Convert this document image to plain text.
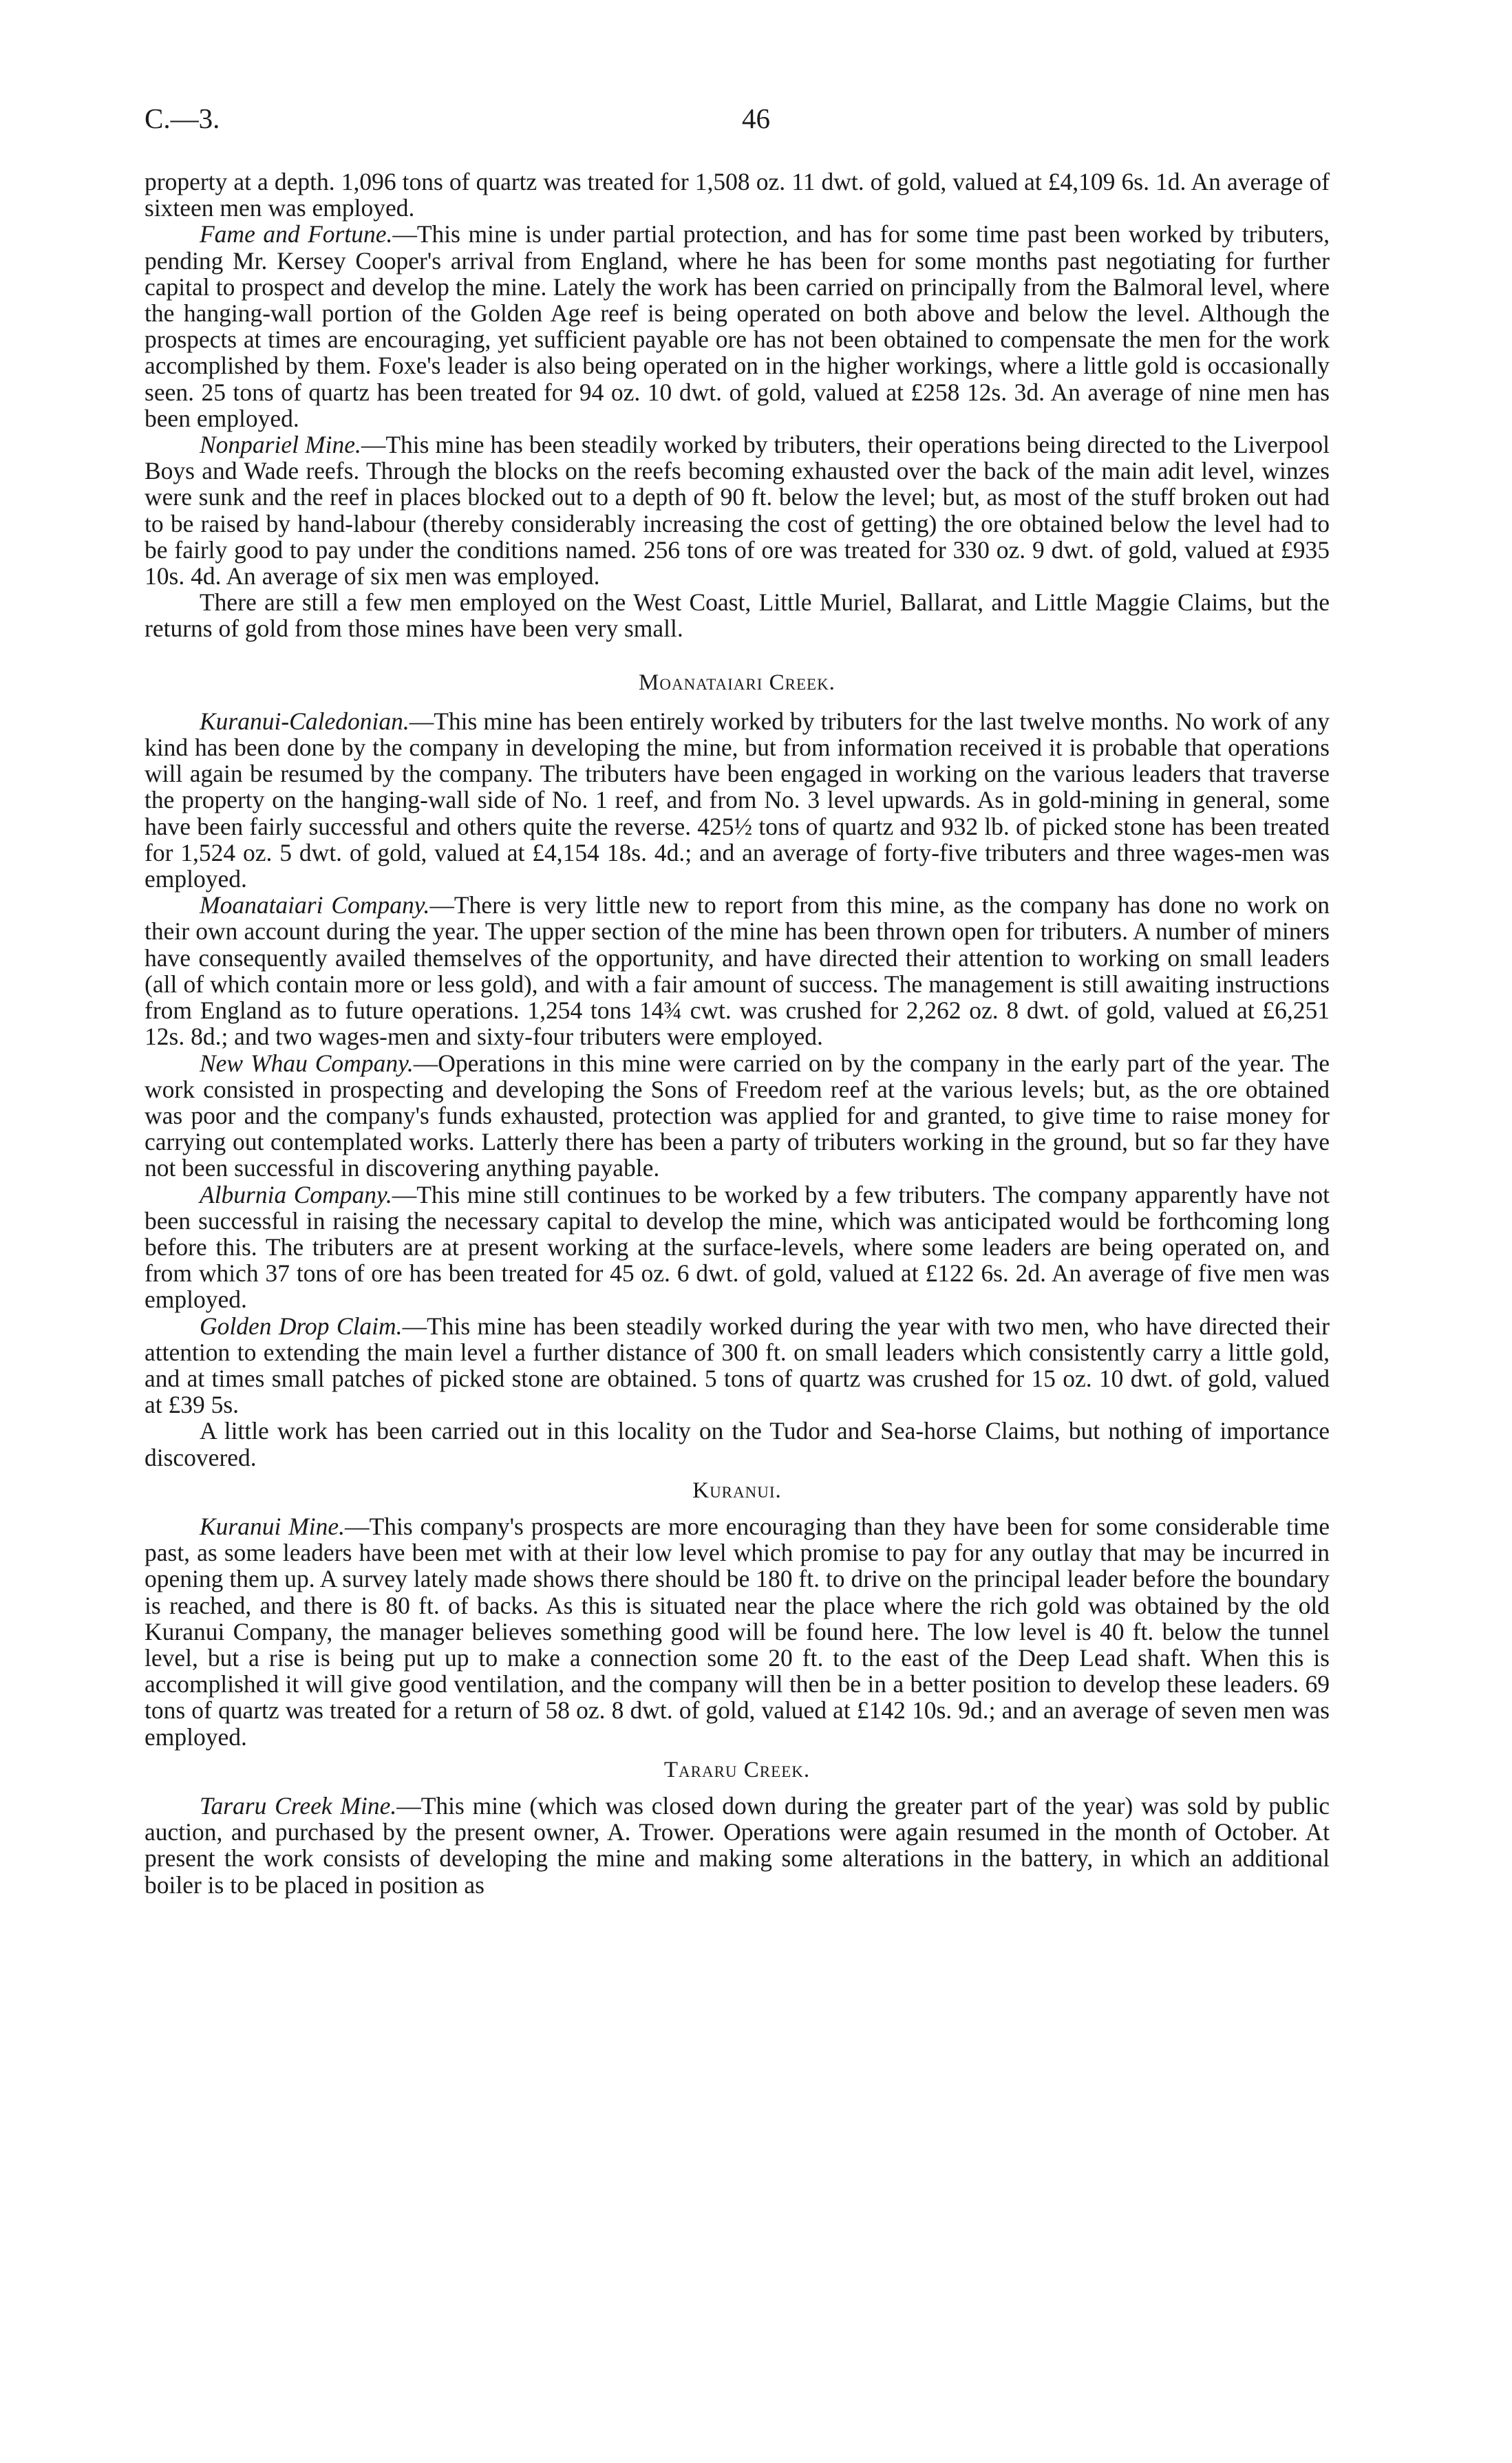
C.—3.	46

property at a depth. 1,096 tons of quartz was treated for 1,508 oz. 11 dwt. of gold, valued at £4,109 6s. 1d. An average of sixteen men was employed.

Fame and Fortune.—This mine is under partial protection, and has for some time past been worked by tributers, pending Mr. Kersey Cooper's arrival from England, where he has been for some months past negotiating for further capital to prospect and develop the mine. Lately the work has been carried on principally from the Balmoral level, where the hanging-wall portion of the Golden Age reef is being operated on both above and below the level. Although the prospects at times are encouraging, yet sufficient payable ore has not been obtained to compensate the men for the work accomplished by them. Foxe's leader is also being operated on in the higher workings, where a little gold is occasionally seen. 25 tons of quartz has been treated for 94 oz. 10 dwt. of gold, valued at £258 12s. 3d. An average of nine men has been employed.

Nonpariel Mine.—This mine has been steadily worked by tributers, their operations being directed to the Liverpool Boys and Wade reefs. Through the blocks on the reefs becoming exhausted over the back of the main adit level, winzes were sunk and the reef in places blocked out to a depth of 90 ft. below the level; but, as most of the stuff broken out had to be raised by hand-labour (thereby considerably increasing the cost of getting) the ore obtained below the level had to be fairly good to pay under the conditions named. 256 tons of ore was treated for 330 oz. 9 dwt. of gold, valued at £935 10s. 4d. An average of six men was employed.

There are still a few men employed on the West Coast, Little Muriel, Ballarat, and Little Maggie Claims, but the returns of gold from those mines have been very small.

Moanataiari Creek.

Kuranui-Caledonian.—This mine has been entirely worked by tributers for the last twelve months. No work of any kind has been done by the company in developing the mine, but from information received it is probable that operations will again be resumed by the company. The tributers have been engaged in working on the various leaders that traverse the property on the hanging-wall side of No. 1 reef, and from No. 3 level upwards. As in gold-mining in general, some have been fairly successful and others quite the reverse. 425½ tons of quartz and 932 lb. of picked stone has been treated for 1,524 oz. 5 dwt. of gold, valued at £4,154 18s. 4d.; and an average of forty-five tributers and three wages-men was employed.

Moanataiari Company.—There is very little new to report from this mine, as the company has done no work on their own account during the year. The upper section of the mine has been thrown open for tributers. A number of miners have consequently availed themselves of the opportunity, and have directed their attention to working on small leaders (all of which contain more or less gold), and with a fair amount of success. The management is still awaiting instructions from England as to future operations. 1,254 tons 14¾ cwt. was crushed for 2,262 oz. 8 dwt. of gold, valued at £6,251 12s. 8d.; and two wages-men and sixty-four tributers were employed.

New Whau Company.—Operations in this mine were carried on by the company in the early part of the year. The work consisted in prospecting and developing the Sons of Freedom reef at the various levels; but, as the ore obtained was poor and the company's funds exhausted, protection was applied for and granted, to give time to raise money for carrying out contemplated works. Latterly there has been a party of tributers working in the ground, but so far they have not been successful in discovering anything payable.

Alburnia Company.—This mine still continues to be worked by a few tributers. The company apparently have not been successful in raising the necessary capital to develop the mine, which was anticipated would be forthcoming long before this. The tributers are at present working at the surface-levels, where some leaders are being operated on, and from which 37 tons of ore has been treated for 45 oz. 6 dwt. of gold, valued at £122 6s. 2d. An average of five men was employed.

Golden Drop Claim.—This mine has been steadily worked during the year with two men, who have directed their attention to extending the main level a further distance of 300 ft. on small leaders which consistently carry a little gold, and at times small patches of picked stone are obtained. 5 tons of quartz was crushed for 15 oz. 10 dwt. of gold, valued at £39 5s.

A little work has been carried out in this locality on the Tudor and Sea-horse Claims, but nothing of importance discovered.

Kuranui.

Kuranui Mine.—This company's prospects are more encouraging than they have been for some considerable time past, as some leaders have been met with at their low level which promise to pay for any outlay that may be incurred in opening them up. A survey lately made shows there should be 180 ft. to drive on the principal leader before the boundary is reached, and there is 80 ft. of backs. As this is situated near the place where the rich gold was obtained by the old Kuranui Company, the manager believes something good will be found here. The low level is 40 ft. below the tunnel level, but a rise is being put up to make a connection some 20 ft. to the east of the Deep Lead shaft. When this is accomplished it will give good ventilation, and the company will then be in a better position to develop these leaders. 69 tons of quartz was treated for a return of 58 oz. 8 dwt. of gold, valued at £142 10s. 9d.; and an average of seven men was employed.

Tararu Creek.

Tararu Creek Mine.—This mine (which was closed down during the greater part of the year) was sold by public auction, and purchased by the present owner, A. Trower. Operations were again resumed in the month of October. At present the work consists of developing the mine and making some alterations in the battery, in which an additional boiler is to be placed in position as
